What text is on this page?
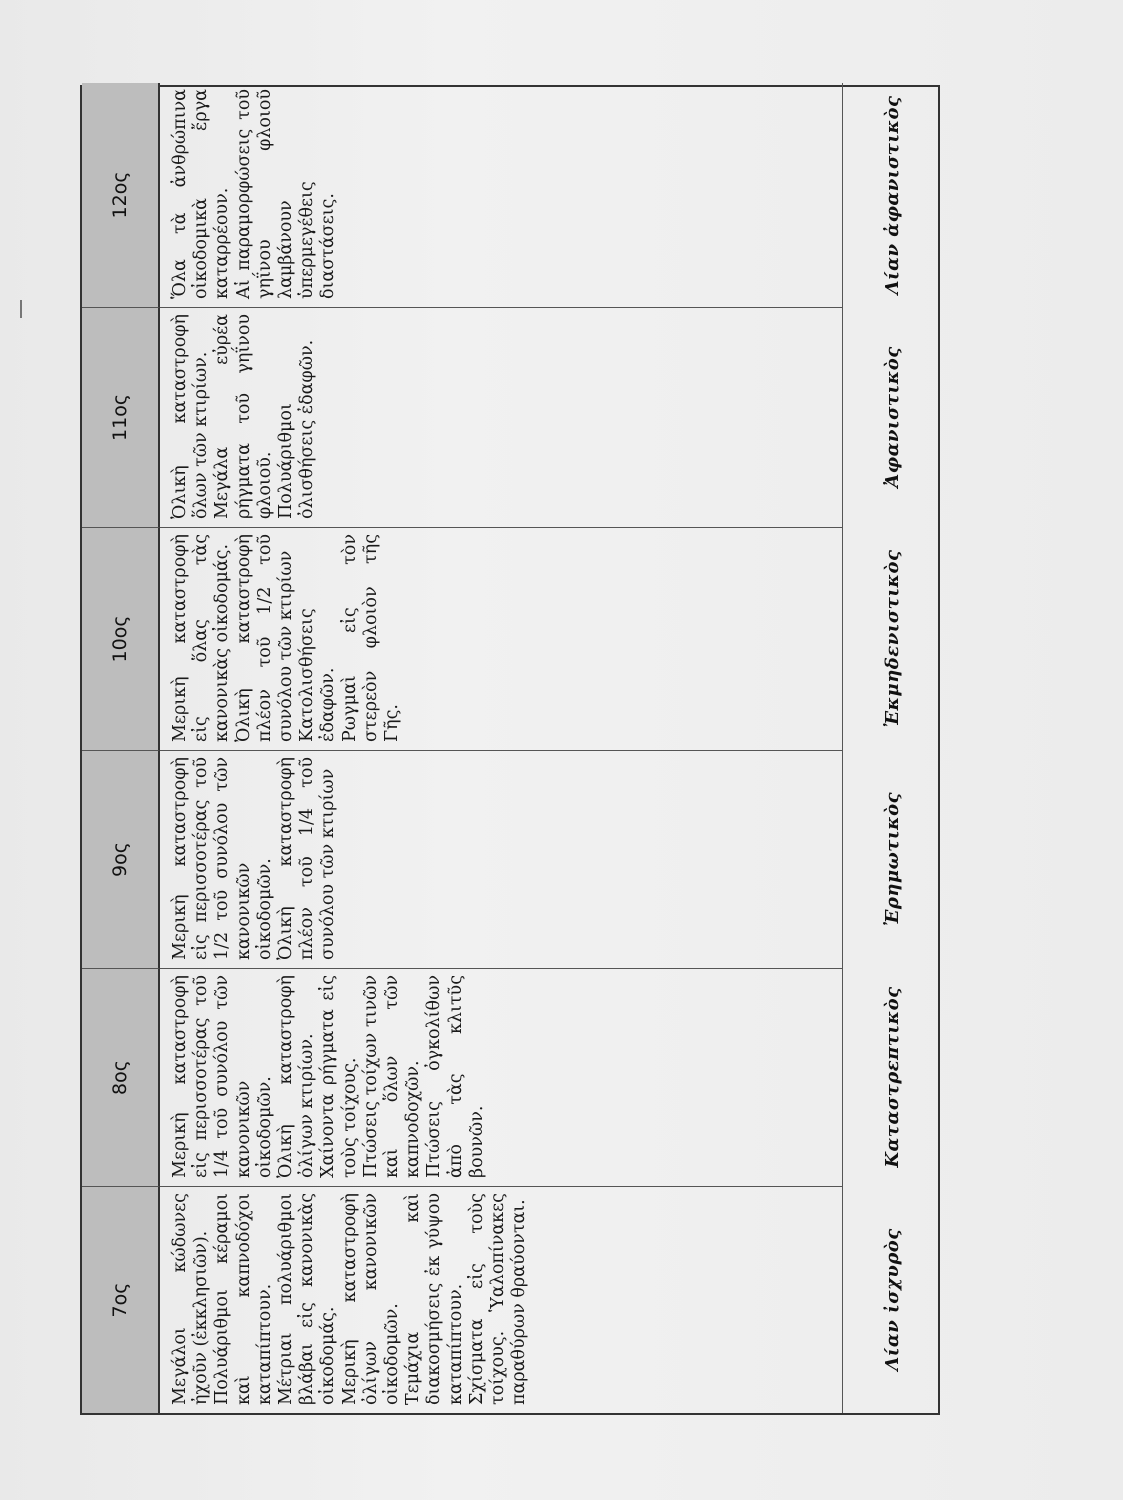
7ος
8ος
9ος
10ος
11ος
12ος

Μεγάλοι κώδωνες ἠχοῦν (ἐκκλησιῶν). Πολυάριθμοι κέραμοι καὶ καπνοδόχοι καταπίπτουν. Μέτριαι πολυάριθμοι βλάβαι εἰς κανονικὰς οἰκοδομάς. Μερικὴ καταστροφὴ ὀλίγων κανονικῶν οἰκοδομῶν. Τεμάχια καὶ διακοσμήσεις ἐκ γύψου καταπίπτουν. Σχίσματα εἰς τοὺς τοίχους. Ὑαλοπίνακες παραθύρων θραύονται.

Μερικὴ καταστροφὴ εἰς περισσοτέρας τοῦ 1/4 τοῦ συνόλου τῶν κανονικῶν οἰκοδομῶν. Ὀλικὴ καταστροφὴ ὀλίγων κτιρίων. Χαίνοντα ρήγματα εἰς τοὺς τοίχους. Πτώσεις τοίχων τινῶν καὶ ὅλων τῶν καπνοδοχῶν. Πτώσεις ὀγκολίθων ἀπὸ τὰς κλιτῦς βουνῶν.

Μερικὴ καταστροφὴ εἰς περισσοτέρας τοῦ 1/2 τοῦ συνόλου τῶν κανονικῶν οἰκοδομῶν. Ὀλικὴ καταστροφὴ πλέον τοῦ 1/4 τοῦ συνόλου τῶν κτιρίων

Μερικὴ καταστροφὴ εἰς ὅλας τὰς κανονικὰς οἰκοδομάς. Ὀλικὴ καταστροφὴ πλέον τοῦ 1/2 τοῦ συνόλου τῶν κτιρίων Κατολισθήσεις ἐδαφῶν. Ρωγμαὶ εἰς τὸν στερεὸν φλοιὸν τῆς Γῆς.

Ὀλικὴ καταστροφὴ ὅλων τῶν κτιρίων. Μεγάλα εὐρέα ρήγματα τοῦ γηΐνου φλοιοῦ. Πολυάριθμοι ὀλισθήσεις ἐδαφῶν.

Ὅλα τὰ ἀνθρώπινα οἰκοδομικὰ ἔργα καταρρέουν. Αἱ παραμορφώσεις τοῦ γηΐνου φλοιοῦ λαμβάνουν ὑπερμεγέθεις διαστάσεις.

Λίαν ἰσχυρὸς
Καταστρεπτικὸς
Ἐρημωτικὸς
Ἐκμηδενιστικὸς
Ἀφανιστικὸς
Λίαν ἀφανιστικὸς
